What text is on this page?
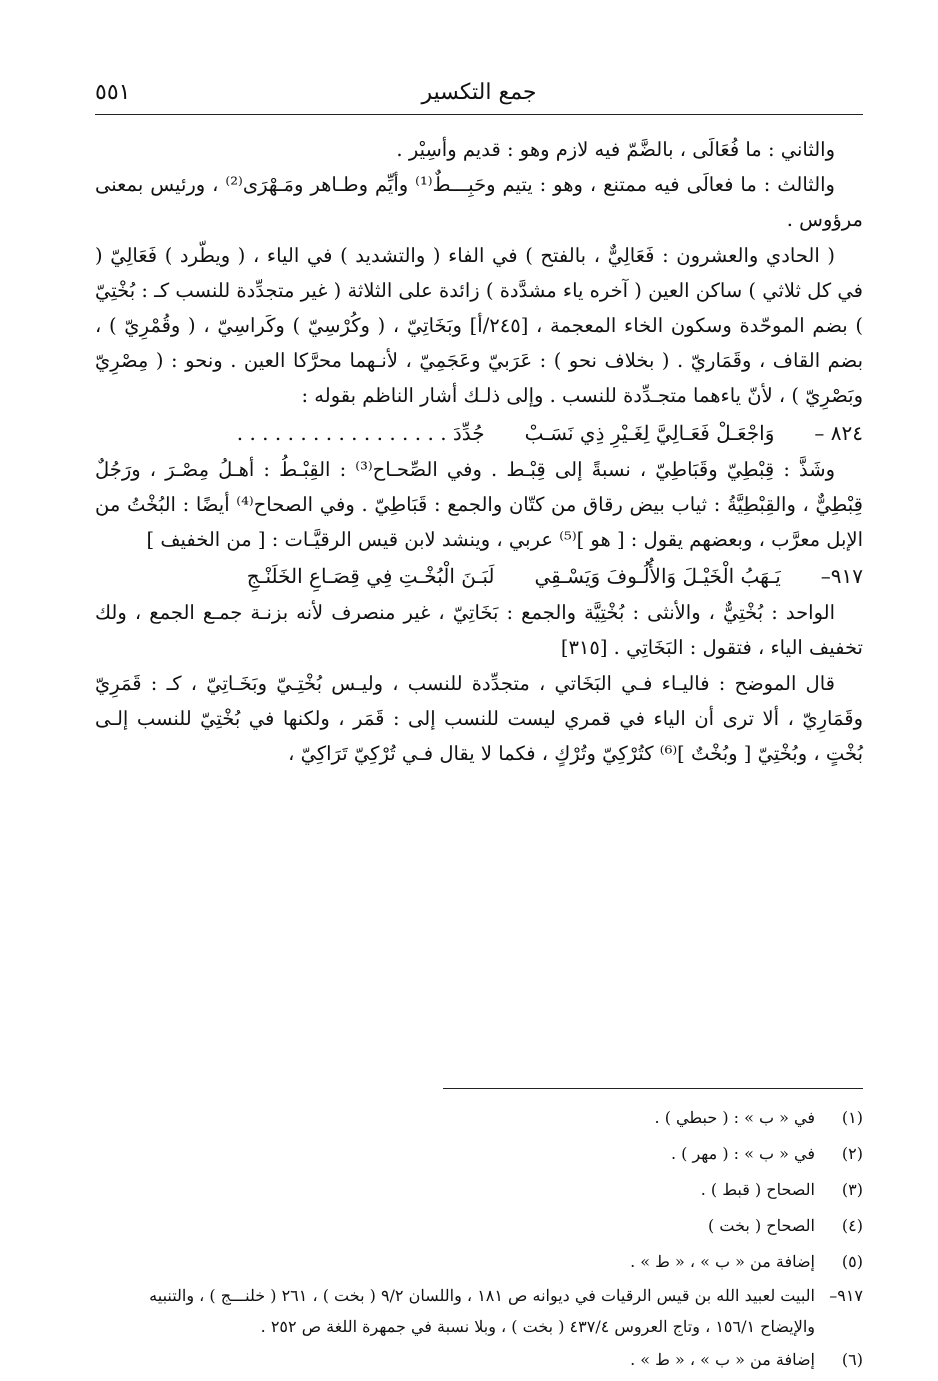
جمع التكسير
٥٥١

والثاني : ما فُعَالَى ، بالضَّمّ فيه لازم وهو : قديم وأسِيْر .

والثالث : ما فعالَى فيه ممتنع ، وهو : يتيم وحَبِـــطٌ⁽¹⁾ وأيِّم وطـاهر ومَـهْرَى⁽²⁾ ، ورئيس بمعنى مرؤوس .

( الحادي والعشرون : فَعَالِيٌّ ، بالفتح ) في الفاء ( والتشديد ) في الياء ، ( ويطّرد ) فَعَالِيّ ( في كل ثلاثي ) ساكن العين ( آخره ياء مشدَّدة ) زائدة على الثلاثة ( غير متجدِّدة للنسب كـ : بُخْتِيّ ) بضم الموحّدة وسكون الخاء المعجمة ، [٢٤٥/أ] وبَخَاتِيّ ، ( وكُرْسِيّ ) وكَراسِيّ ، ( وقُمْرِيّ ) ، بضم القاف ، وقَمَاريّ . ( بخلاف نحو ) : عَرَبيّ وعَجَمِيّ ، لأنـهما محرَّكا العين . ونحو : ( مِصْرِيّ وبَصْرِيّ ) ، لأنّ ياءهما متجـدِّدة للنسب . وإلى ذلـك أشار الناظم بقوله :

٨٢٤ –
وَاجْعَـلْ فَعَـالِيَّ لِغَـيْرِ ذِي نَسَـبْ
جُدِّدَ . . . . . . . . . . . . . . . . .

وشَذَّ : قِبْطِيّ وقَبَاطِيّ ، نسبةً إلى قِبْـط . وفي الصِّحـاح⁽³⁾ : القِبْـطُ : أهـلُ مِصْـرَ ، ورَجُلٌ قِبْطِيٌّ ، والقِبْطِيَّةُ : ثياب بيض رقاق من كتّان والجمع : قَبَاطِيّ . وفي الصحاح⁽⁴⁾ أيضًا : البُخْتُ من الإبل معرَّب ، وبعضهم يقول : [ هو ]⁽⁵⁾ عربي ، وينشد لابن قيس الرقيَّـات : [ من الخفيف ]

٩١٧–
يَـهَبُ الْخَيْـلَ وَالأُلُـوفَ وَيَسْـقِي
لَبَـنَ الْبُخْـتِ فِي قِصَـاعِ الخَلَنْـجِ

الواحد : بُخْتِيٌّ ، والأنثى : بُخْتِيَّة والجمع : بَخَاتِيّ ، غير منصرف لأنه بزنـة جمـع الجمع ، ولك تخفيف الياء ، فتقول : البَخَاتِي . [٣١٥]

قال الموضح : فاليـاء فـي البَخَاتي ، متجدِّدة للنسب ، وليـس بُخْتِـيّ وبَخَـاتِيّ ، كـ : قَمَرِيّ وقَمَارِيّ ، ألا ترى أن الياء في قمري ليست للنسب إلى : قَمَر ، ولكنها في بُخْتِيّ للنسب إلـى بُخْتٍ ، وبُخْتِيّ [ وبُخْتٌ ]⁽⁶⁾ كتُرْكِيّ وتُرْكٍ ، فكما لا يقال فـي تُرْكِيّ تَرَاكِيّ ،

(١)
في « ب » : ( حبطي ) .
(٢)
في « ب » : ( مهر ) .
(٣)
الصحاح ( قبط ) .
(٤)
الصحاح ( بخت )
(٥)
إضافة من « ب » ، « ط » .
٩١٧–
البيت لعبيد الله بن قيس الرقيات في ديوانه ص ١٨١ ، واللسان ٩/٢ ( بخت ) ، ٢٦١ ( خلنـــج ) ، والتنبيه والإيضاح ١٥٦/١ ، وتاج العروس ٤٣٧/٤ ( بخت ) ، وبلا نسبة في جمهرة اللغة ص ٢٥٢ .
(٦)
إضافة من « ب » ، « ط » .
